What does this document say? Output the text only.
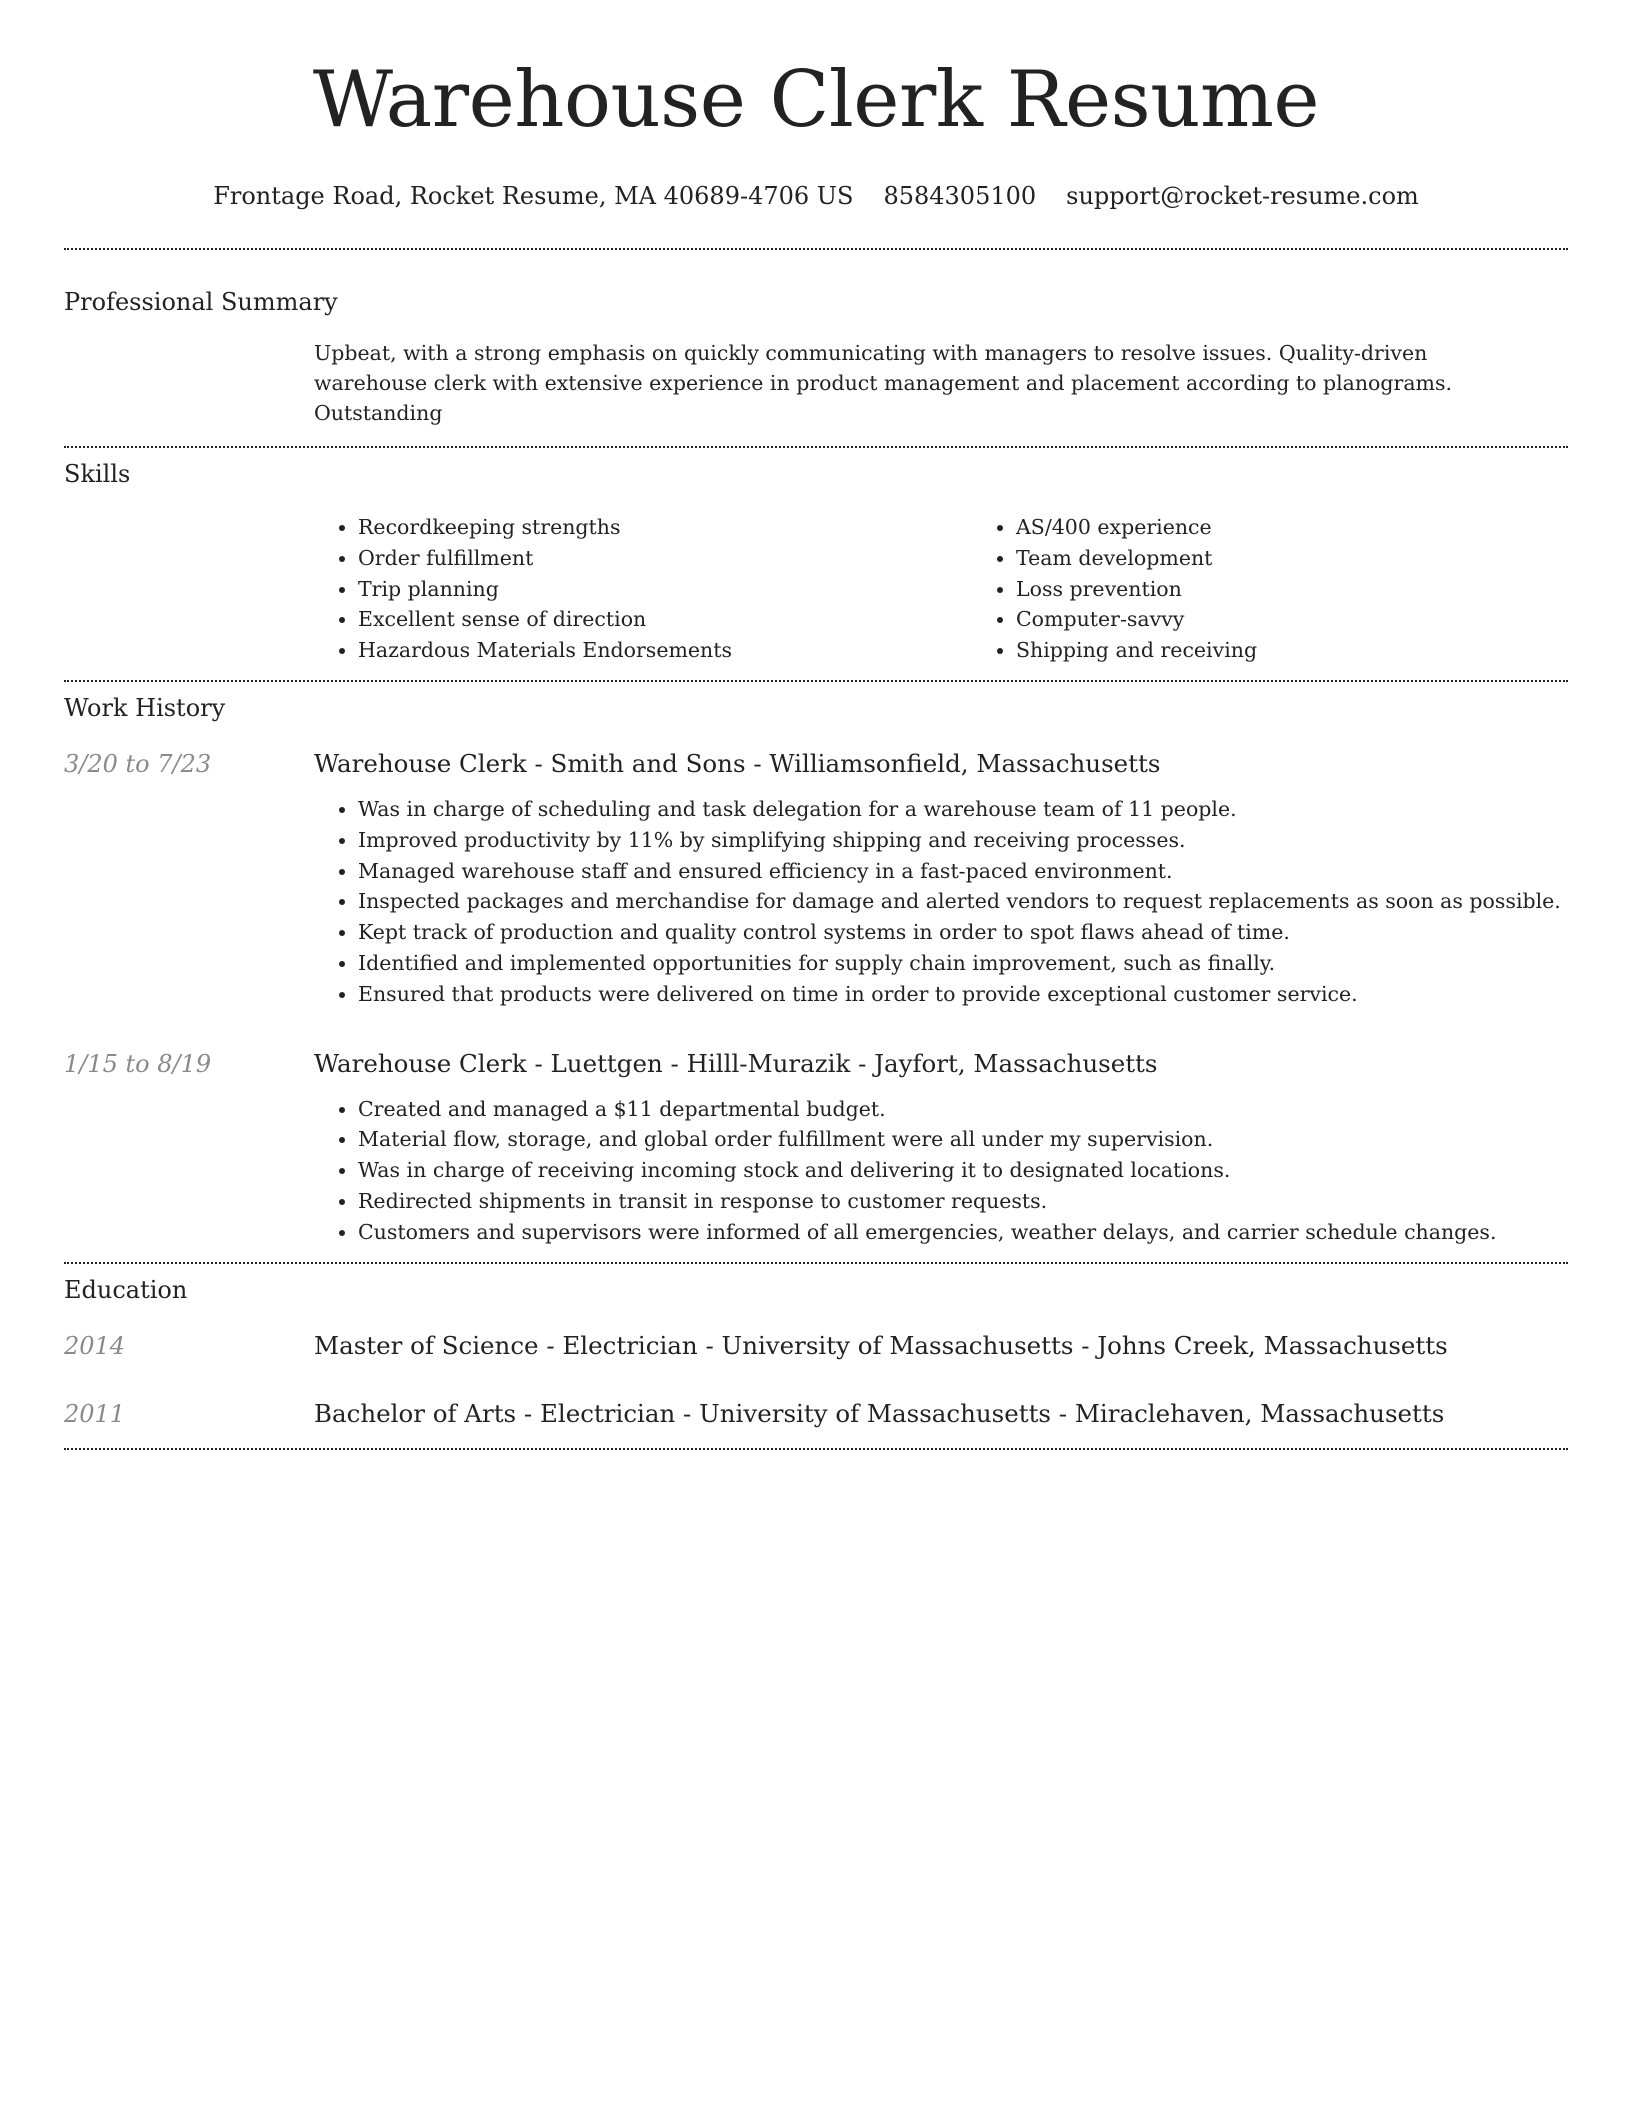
Warehouse Clerk Resume
Frontage Road, Rocket Resume, MA 40689-4706 US 8584305100 support@rocket-resume.com
Professional Summary

Upbeat, with a strong emphasis on quickly communicating with managers to resolve issues. Quality-driven warehouse clerk with extensive experience in product management and placement according to planograms. Outstanding

Skills
• Recordkeeping strengths
• Order fulfillment
• Trip planning
• Excellent sense of direction
• Hazardous Materials Endorsements
• AS/400 experience
• Team development
• Loss prevention
• Computer-savvy
• Shipping and receiving
Work History
3/20 to 7/23	Warehouse Clerk - Smith and Sons - Williamsonfield, Massachusetts

• Was in charge of scheduling and task delegation for a warehouse team of 11 people.
• Improved productivity by 11% by simplifying shipping and receiving processes.
• Managed warehouse staff and ensured efficiency in a fast-paced environment.
• Inspected packages and merchandise for damage and alerted vendors to request replacements as soon as possible.
• Kept track of production and quality control systems in order to spot flaws ahead of time.
• Identified and implemented opportunities for supply chain improvement, such as finally.
• Ensured that products were delivered on time in order to provide exceptional customer service.
1/15 to 8/19	Warehouse Clerk - Luettgen - Hilll-Murazik - Jayfort, Massachusetts

• Created and managed a $11 departmental budget.
• Material flow, storage, and global order fulfillment were all under my supervision.
• Was in charge of receiving incoming stock and delivering it to designated locations.
• Redirected shipments in transit in response to customer requests.
• Customers and supervisors were informed of all emergencies, weather delays, and carrier schedule changes.
Education
2014	Master of Science - Electrician - University of Massachusetts - Johns Creek, Massachusetts

2011	Bachelor of Arts - Electrician - University of Massachusetts - Miraclehaven, Massachusetts
